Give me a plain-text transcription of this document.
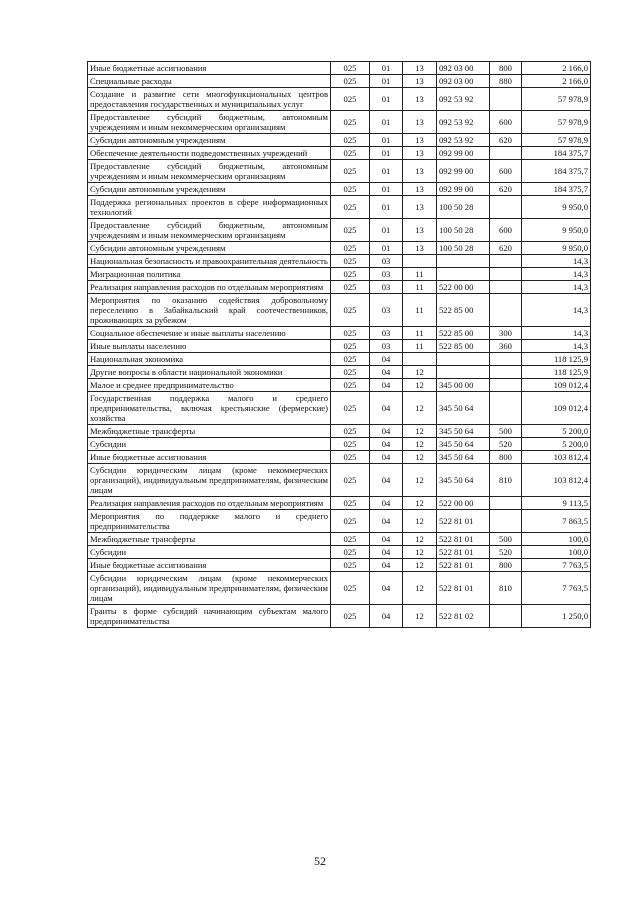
Иные бюджетные ассигнования	025	01	13	092 03 00	800	2 166,0
Специальные расходы	025	01	13	092 03 00	880	2 166,0
Создание и развитие сети многофункциональных центров предоставления государственных и муниципальных услуг	025	01	13	092 53 92		57 978,9
Предоставление субсидий бюджетным, автономным учреждениям и иным некоммерческим организациям	025	01	13	092 53 92	600	57 978,9
Субсидии автономным учреждениям	025	01	13	092 53 92	620	57 978,9
Обеспечение деятельности подведомственных учреждений	025	01	13	092 99 00		184 375,7
Предоставление субсидий бюджетным, автономным учреждениям и иным некоммерческим организациям	025	01	13	092 99 00	600	184 375,7
Субсидии автономным учреждениям	025	01	13	092 99 00	620	184 375,7
Поддержка региональных проектов в сфере информационных технологий	025	01	13	100 50 28		9 950,0
Предоставление субсидий бюджетным, автономным учреждениям и иным некоммерческим организациям	025	01	13	100 50 28	600	9 950,0
Субсидии автономным учреждениям	025	01	13	100 50 28	620	9 950,0
Национальная безопасность и правоохранительная деятельность	025	03				14,3
Миграционная политика	025	03	11			14,3
Реализация направления расходов по отдельным мероприятиям	025	03	11	522 00 00		14,3
Мероприятия по оказанию содействия добровольному переселению в Забайкальский край соотечественников, проживающих за рубежом	025	03	11	522 85 00		14,3
Социальное обеспечение и иные выплаты населению	025	03	11	522 85 00	300	14,3
Иные выплаты населению	025	03	11	522 85 00	360	14,3
Национальная экономика	025	04				118 125,9
Другие вопросы в области национальной экономики	025	04	12			118 125,9
Малое и среднее предпринимательство	025	04	12	345 00 00		109 012,4
Государственная поддержка малого и среднего предпринимательства, включая крестьянские (фермерские) хозяйства	025	04	12	345 50 64		109 012,4
Межбюджетные трансферты	025	04	12	345 50 64	500	5 200,0
Субсидии	025	04	12	345 50 64	520	5 200,0
Иные бюджетные ассигнования	025	04	12	345 50 64	800	103 812,4
Субсидии юридическим лицам (кроме некоммерческих организаций), индивидуальным предпринимателям, физическим лицам	025	04	12	345 50 64	810	103 812,4
Реализация направления расходов по отдельным мероприятиям	025	04	12	522 00 00		9 113,5
Мероприятия по поддержке малого и среднего предпринимательства	025	04	12	522 81 01		7 863,5
Межбюджетные трансферты	025	04	12	522 81 01	500	100,0
Субсидии	025	04	12	522 81 01	520	100,0
Иные бюджетные ассигнования	025	04	12	522 81 01	800	7 763,5
Субсидии юридическим лицам (кроме некоммерческих организаций), индивидуальным предпринимателям, физическим лицам	025	04	12	522 81 01	810	7 763,5
Гранты в форме субсидий начинающим субъектам малого предпринимательства	025	04	12	522 81 02		1 250,0
52
